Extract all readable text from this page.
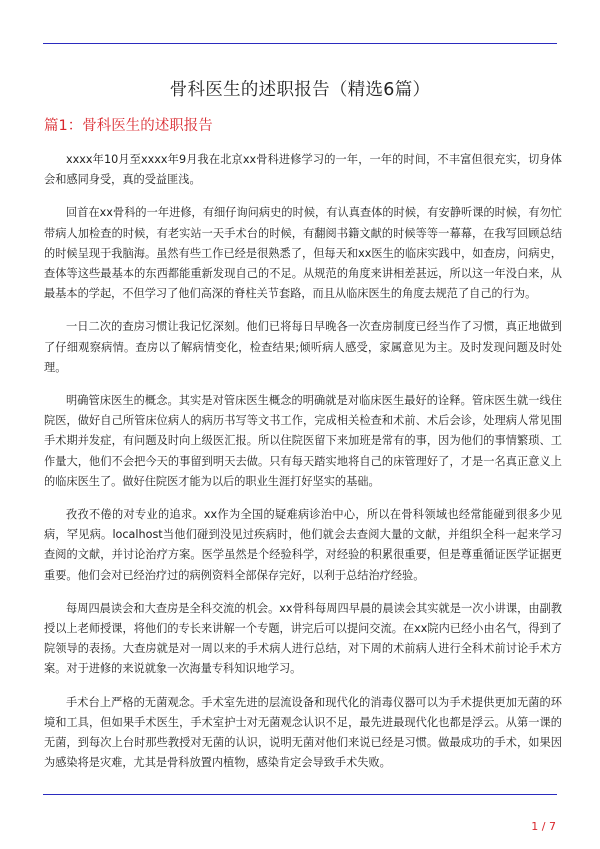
骨科医生的述职报告（精选6篇）
篇1：骨科医生的述职报告

xxxx年10月至xxxx年9月我在北京xx骨科进修学习的一年，一年的时间，不丰富但很充实，切身体会和感同身受，真的受益匪浅。

回首在xx骨科的一年进修，有细仔询问病史的时候，有认真查体的时候，有安静听课的时候，有勿忙带病人加检查的时候，有老实站一天手术台的时候，有翻阅书籍文献的时候等等一幕幕，在我写回顾总结的时候呈现于我脑海。虽然有些工作已经是很熟悉了，但每天和xx医生的临床实践中，如查房，问病史，查体等这些最基本的东西都能重新发现自己的不足。从规范的角度来讲相差甚远，所以这一年没白来，从最基本的学起，不但学习了他们高深的脊柱关节套路，而且从临床医生的角度去规范了自己的行为。

一日二次的查房习惯让我记忆深刻。他们已将每日早晚各一次查房制度已经当作了习惯，真正地做到了仔细观察病情。查房以了解病情变化，检查结果;倾听病人感受，家属意见为主。及时发现问题及时处理。

明确管床医生的概念。其实是对管床医生概念的明确就是对临床医生最好的诠释。管床医生就一线住院医，做好自己所管床位病人的病历书写等文书工作，完成相关检查和术前、术后会诊，处理病人常见围手术期并发症，有问题及时向上级医汇报。所以住院医留下来加班是常有的事，因为他们的事情繁琐、工作量大，他们不会把今天的事留到明天去做。只有每天踏实地将自己的床管理好了，才是一名真正意义上的临床医生了。做好住院医才能为以后的职业生涯打好坚实的基础。

孜孜不倦的对专业的追求。xx作为全国的疑难病诊治中心，所以在骨科领域也经常能碰到很多少见病，罕见病。localhost当他们碰到没见过疾病时，他们就会去查阅大量的文献，并组织全科一起来学习查阅的文献，并讨论治疗方案。医学虽然是个经验科学，对经验的积累很重要，但是尊重循证医学证据更重要。他们会对已经治疗过的病例资料全部保存完好，以利于总结治疗经验。

每周四晨读会和大查房是全科交流的机会。xx骨科每周四早晨的晨读会其实就是一次小讲课，由副教授以上老师授课，将他们的专长来讲解一个专题，讲完后可以提问交流。在xx院内已经小由名气，得到了院领导的表扬。大查房就是对一周以来的手术病人进行总结，对下周的术前病人进行全科术前讨论手术方案。对于进修的来说就象一次海量专科知识地学习。

手术台上严格的无菌观念。手术室先进的层流设备和现代化的消毒仪器可以为手术提供更加无菌的环境和工具，但如果手术医生，手术室护士对无菌观念认识不足，最先进最现代化也都是浮云。从第一课的无菌，到每次上台时那些教授对无菌的认识，说明无菌对他们来说已经是习惯。做最成功的手术，如果因为感染将是灾难，尤其是骨科放置内植物，感染肯定会导致手术失败。

1 / 7
